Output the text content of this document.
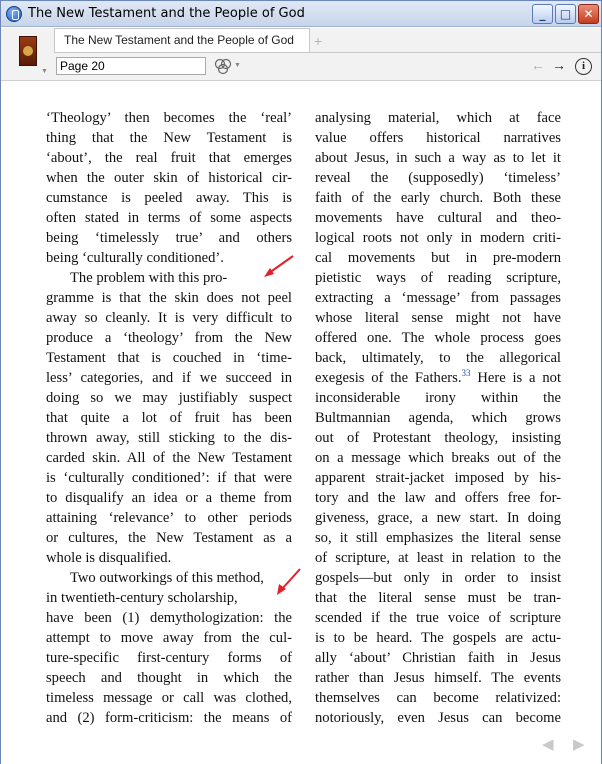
The New Testament and the People of God	_	□	✕
▼
The New Testament and the People of God +
Page 20
▼	← →	i
‘Theology’ then becomes the ‘real’
thing that the New Testament is
‘about’, the real fruit that emerges
when the outer skin of historical cir-
cumstance is peeled away. This is
often stated in terms of some aspects
being ‘timelessly true’ and others
being ‘culturally conditioned’.
The problem with this pro-
gramme is that the skin does not peel
away so cleanly. It is very difficult to
produce a ‘theology’ from the New
Testament that is couched in ‘time-
less’ categories, and if we succeed in
doing so we may justifiably suspect
that quite a lot of fruit has been
thrown away, still sticking to the dis-
carded skin. All of the New Testament
is ‘culturally conditioned’: if that were
to disqualify an idea or a theme from
attaining ‘relevance’ to other periods
or cultures, the New Testament as a
whole is disqualified.
Two outworkings of this method,
in twentieth-century scholarship,
have been (1) demythologization: the
attempt to move away from the cul-
ture-specific first-century forms of
speech and thought in which the
timeless message or call was clothed,
and (2) form-criticism: the means of
analysing material, which at face
value offers historical narratives
about Jesus, in such a way as to let it
reveal the (supposedly) ‘timeless’
faith of the early church. Both these
movements have cultural and theo-
logical roots not only in modern criti-
cal movements but in pre-modern
pietistic ways of reading scripture,
extracting a ‘message’ from passages
whose literal sense might not have
offered one. The whole process goes
back, ultimately, to the allegorical
exegesis of the Fathers.$^{33}$ Here is a not
inconsiderable irony within the
Bultmannian agenda, which grows
out of Protestant theology, insisting
on a message which breaks out of the
apparent strait-jacket imposed by his-
tory and the law and offers free for-
giveness, grace, a new start. In doing
so, it still emphasizes the literal sense
of scripture, at least in relation to the
gospels—but only in order to insist
that the literal sense must be tran-
scended if the true voice of scripture
is to be heard. The gospels are actu-
ally ‘about’ Christian faith in Jesus
rather than Jesus himself. The events
themselves can become relativized:
notoriously, even Jesus can become
◀ ▶
